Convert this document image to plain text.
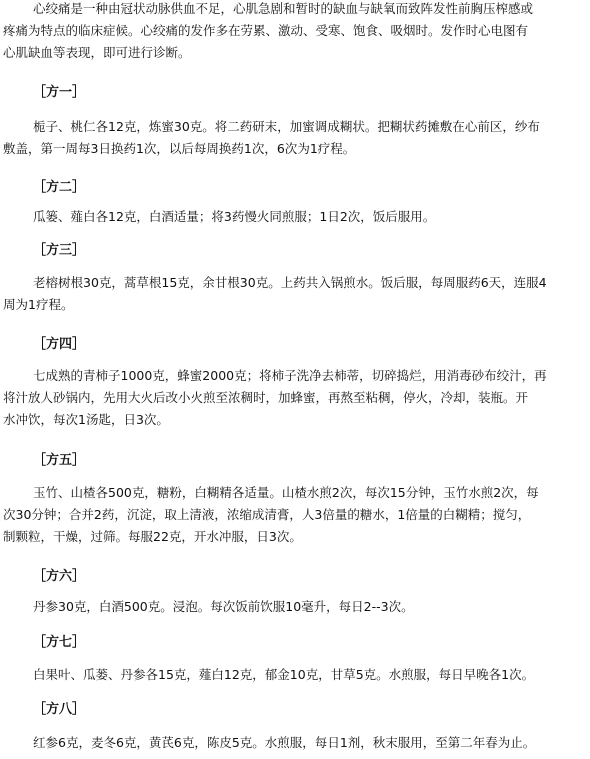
心绞痛是一种由冠状动脉供血不足，心肌急剧和暂时的缺血与缺氧而致阵发性前胸压榨感或
疼痛为特点的临床症候。心绞痛的发作多在劳累、激动、受寒、饱食、吸烟时。发作时心电图有
心肌缺血等表现，即可进行诊断。
［方一］
栀子、桃仁各12克，炼蜜30克。将二药研末，加蜜调成糊状。把糊状药摊敷在心前区，纱布
敷盖，第一周每3日换药1次，以后每周换药1次，6次为1疗程。
［方二］
瓜篓、薤白各12克，白酒适量；将3药慢火同煎服；1日2次，饭后服用。
［方三］
老榕树根30克，蒿草根15克，余甘根30克。上药共入锅煎水。饭后服，每周服药6天，连服4
周为1疗程。
［方四］
七成熟的青柿子1000克，蜂蜜2000克；将柿子洗净去柿蒂，切碎捣烂，用消毒砂布绞汁，再
将汁放人砂锅内，先用大火后改小火煎至浓稠时，加蜂蜜，再熬至粘稠，停火，冷却，装瓶。开
水冲饮，每次1汤匙，日3次。
［方五］
玉竹、山楂各500克，糖粉，白糊精各适量。山楂水煎2次，每次15分钟，玉竹水煎2次，每
次30分钟；合并2药，沉淀，取上清液，浓缩成清膏，人3倍量的糖水，1倍量的白糊精；搅匀，
制颗粒，干燥，过筛。每服22克，开水冲服，日3次。
［方六］
丹参30克，白酒500克。浸泡。每次饭前饮服10毫升，每日2--3次。
［方七］
白果叶、瓜蒌、丹参各15克，薤白12克，郁金10克，甘草5克。水煎服，每日早晚各1次。
［方八］
红参6克，麦冬6克，黄芪6克，陈皮5克。水煎服，每日1剂，秋末服用，至第二年春为止。
